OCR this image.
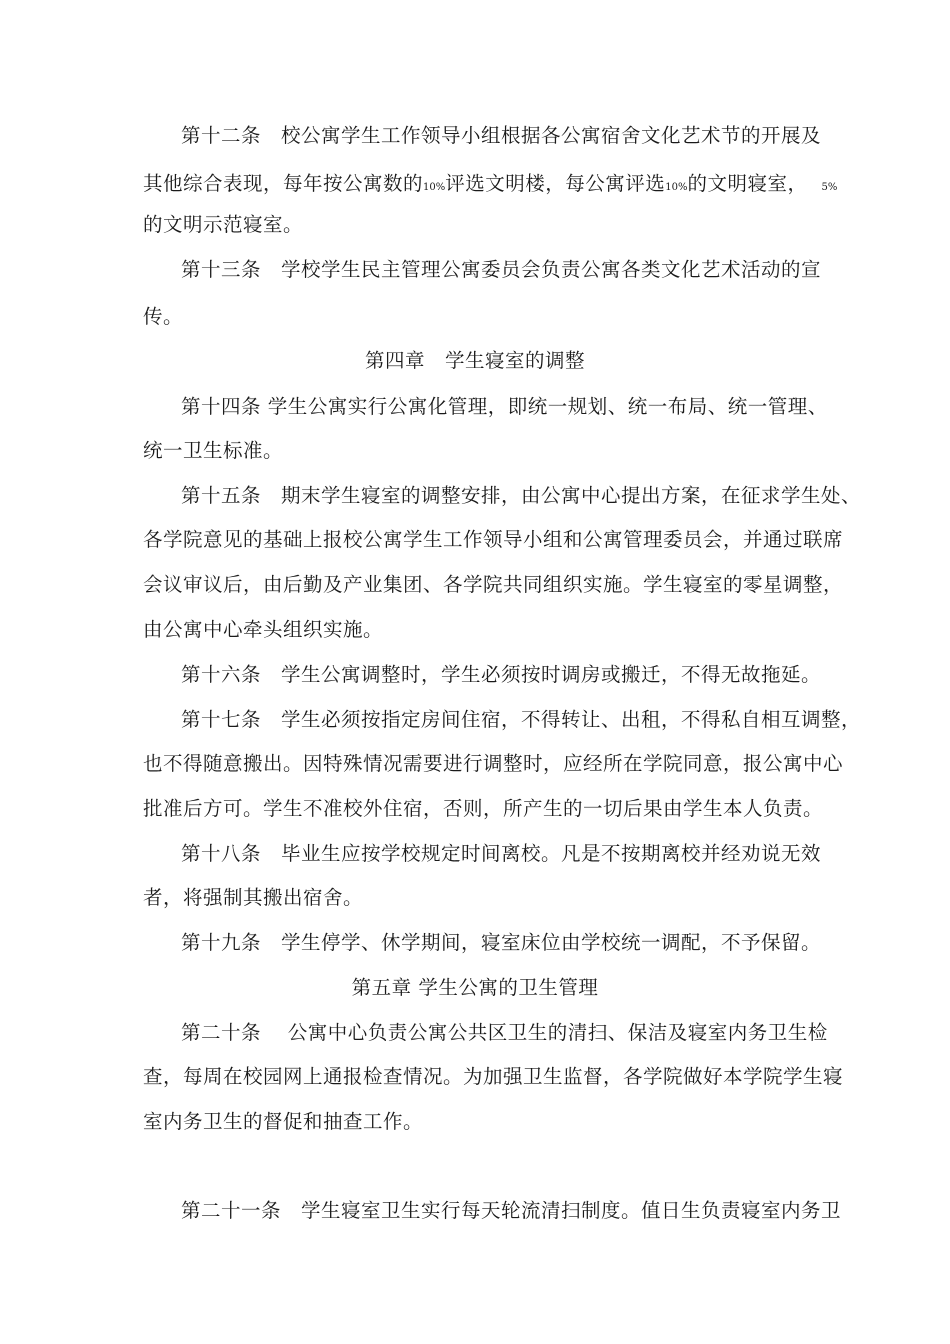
第十二条　校公寓学生工作领导小组根据各公寓宿舍文化艺术节的开展及
其他综合表现，每年按公寓数的10%评选文明楼，每公寓评选10%的文明寝室， 5%
的文明示范寝室。
第十三条　学校学生民主管理公寓委员会负责公寓各类文化艺术活动的宣
传。
第四章　学生寝室的调整
第十四条 学生公寓实行公寓化管理，即统一规划、统一布局、统一管理、
统一卫生标准。
第十五条　期末学生寝室的调整安排，由公寓中心提出方案，在征求学生处、
各学院意见的基础上报校公寓学生工作领导小组和公寓管理委员会，并通过联席
会议审议后，由后勤及产业集团、各学院共同组织实施。学生寝室的零星调整，
由公寓中心牵头组织实施。
第十六条　学生公寓调整时，学生必须按时调房或搬迁，不得无故拖延。
第十七条　学生必须按指定房间住宿，不得转让、出租，不得私自相互调整，
也不得随意搬出。因特殊情况需要进行调整时，应经所在学院同意，报公寓中心
批准后方可。学生不准校外住宿，否则，所产生的一切后果由学生本人负责。
第十八条　毕业生应按学校规定时间离校。凡是不按期离校并经劝说无效
者，将强制其搬出宿舍。
第十九条　学生停学、休学期间，寝室床位由学校统一调配，不予保留。
第五章 学生公寓的卫生管理
第二十条　 公寓中心负责公寓公共区卫生的清扫、保洁及寝室内务卫生检
查，每周在校园网上通报检查情况。为加强卫生监督，各学院做好本学院学生寝
室内务卫生的督促和抽查工作。
第二十一条　学生寝室卫生实行每天轮流清扫制度。值日生负责寝室内务卫
